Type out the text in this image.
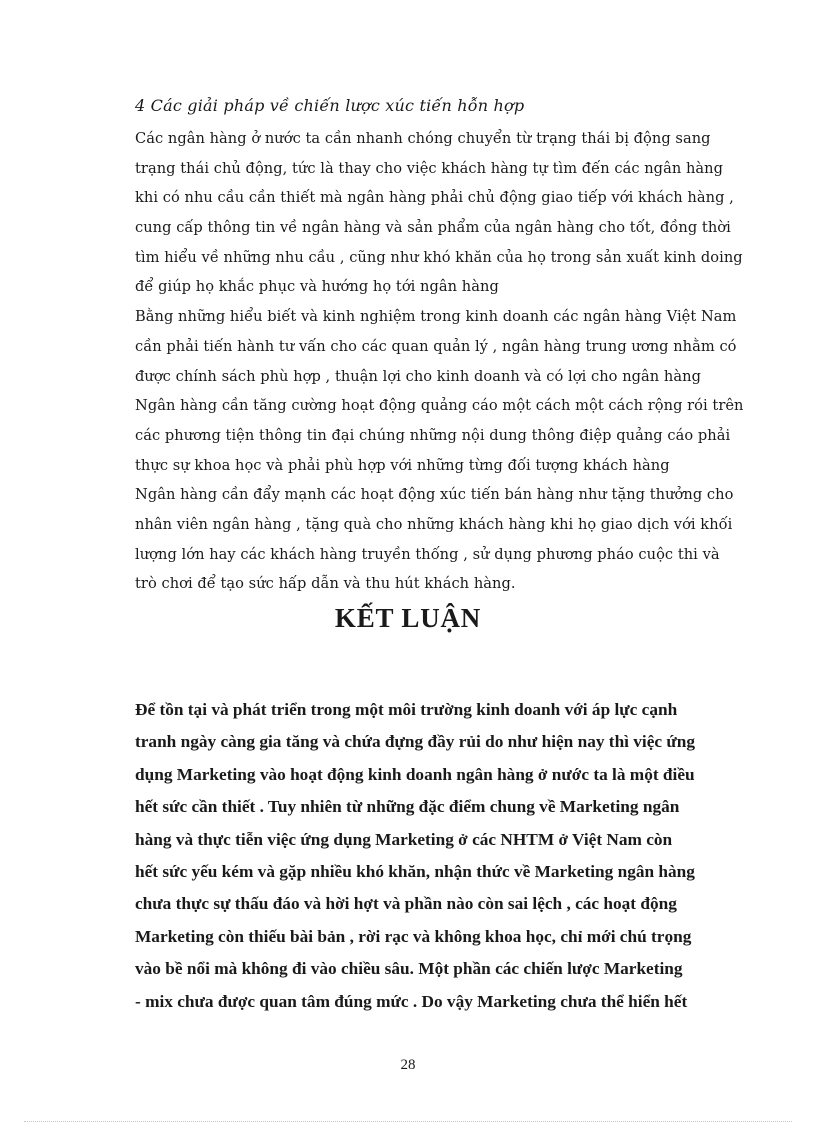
4 Các giải pháp về chiến lược xúc tiến hỗn hợp
Các ngân hàng ở nước ta cần nhanh chóng chuyển từ trạng thái bị động sang
trạng thái chủ động, tức là thay cho việc khách hàng tự tìm đến các ngân hàng
khi có nhu cầu cần thiết mà ngân hàng phải chủ động giao tiếp với khách hàng ,
cung cấp thông tin về ngân hàng và sản phẩm của ngân hàng cho tốt, đồng thời
tìm hiểu về những nhu cầu , cũng như khó khăn của họ trong sản xuất kinh doing
để giúp họ khắc phục và hướng họ tới ngân hàng
Bằng những hiểu biết và kinh nghiệm trong kinh doanh các ngân hàng Việt Nam
cần phải tiến hành tư vấn cho các quan quản lý , ngân hàng trung ương nhằm có
được chính sách phù hợp , thuận lợi cho kinh doanh và có lợi cho ngân hàng
Ngân hàng cần tăng cường hoạt động quảng cáo một cách một cách rộng rói trên
các phương tiện thông tin đại chúng những nội dung thông điệp quảng cáo phải
thực sự khoa học và phải phù hợp với những từng đối tượng khách hàng
Ngân hàng cần đẩy mạnh các hoạt động xúc tiến bán hàng như tặng thưởng cho
nhân viên ngân hàng , tặng quà cho những khách hàng khi họ giao dịch với khối
lượng lớn hay các khách hàng truyền thống , sử dụng phương pháo cuộc thi và
trò chơi để tạo sức hấp dẫn và thu hút khách hàng.
KẾT LUẬN
Để tồn tại và phát triển trong một môi trường kinh doanh với áp lực cạnh
tranh ngày càng gia tăng và chứa đựng đầy rủi do như hiện nay thì việc ứng
dụng Marketing vào hoạt động kinh doanh ngân hàng ở nước ta là một điều
hết sức cần thiết . Tuy nhiên từ những đặc điểm chung về Marketing ngân
hàng và thực tiễn việc ứng dụng Marketing ở các NHTM ở Việt Nam còn
hết sức yếu kém và gặp nhiều khó khăn, nhận thức về Marketing ngân hàng
chưa thực sự thấu đáo và hời hợt và phần nào còn sai lệch , các hoạt động
Marketing còn thiếu bài bản , rời rạc và không khoa học, chỉ mới chú trọng
vào bề nổi mà không đi vào chiều sâu. Một phần các chiến lược Marketing
- mix chưa được quan tâm đúng mức . Do vậy Marketing chưa thể hiển hết
28
